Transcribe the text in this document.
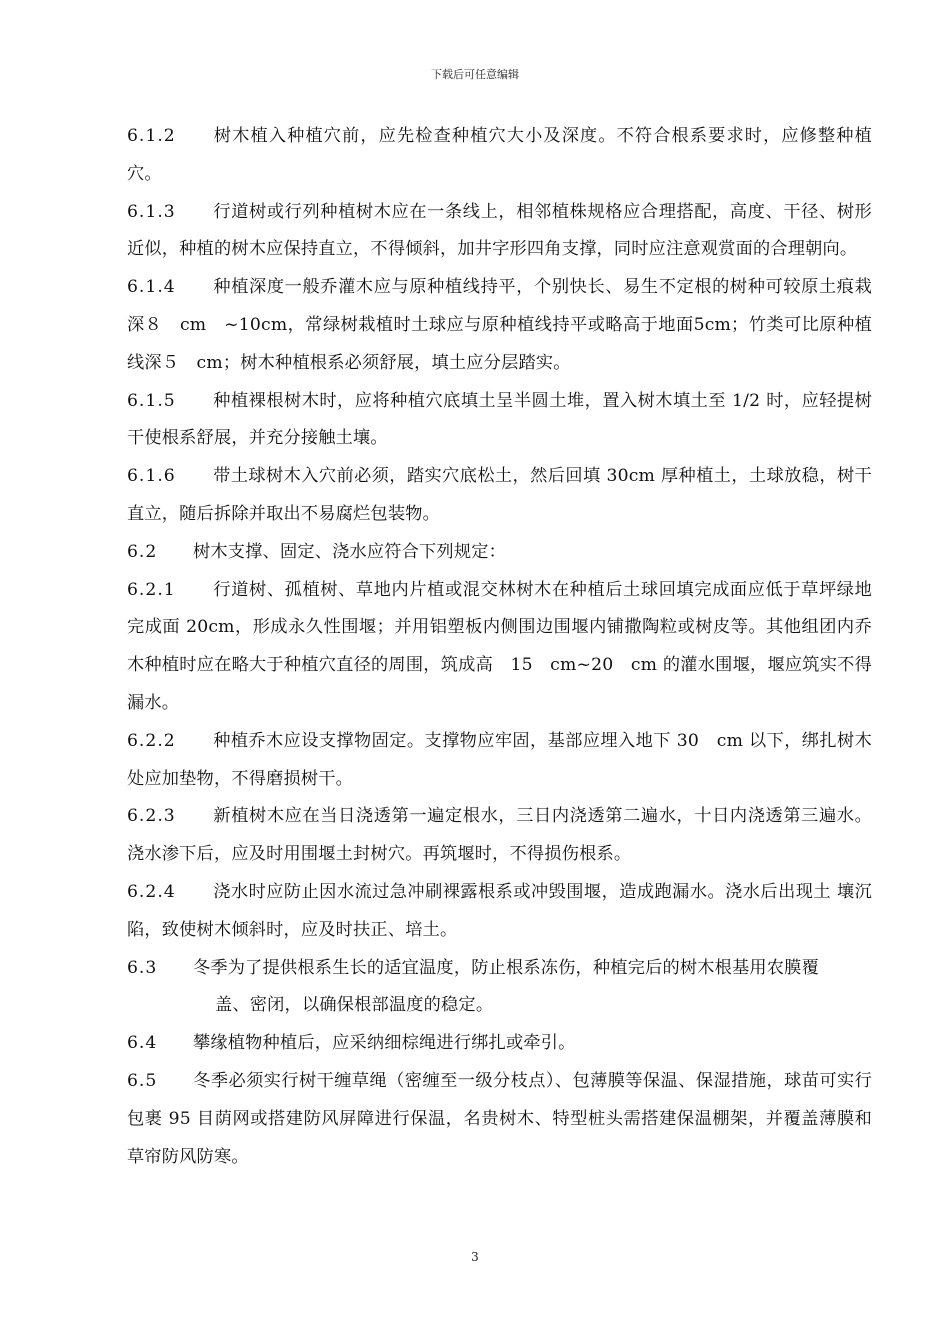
下载后可任意编辑

6.1.2 树木植入种植穴前，应先检查种植穴大小及深度。不符合根系要求时，应修整种植穴。

6.1.3 行道树或行列种植树木应在一条线上，相邻植株规格应合理搭配，高度、干径、树形近似，种植的树木应保持直立，不得倾斜，加井字形四角支撑，同时应注意观赏面的合理朝向。

6.1.4 种植深度一般乔灌木应与原种植线持平，个别快长、易生不定根的树种可较原土痕栽深８　cm　~10cm，常绿树栽植时土球应与原种植线持平或略高于地面5cm；竹类可比原种植线深５　cm；树木种植根系必须舒展，填土应分层踏实。

6.1.5 种植裸根树木时，应将种植穴底填土呈半圆土堆，置入树木填土至 1/2 时，应轻提树干使根系舒展，并充分接触土壤。

6.1.6 带土球树木入穴前必须，踏实穴底松土，然后回填 30cm 厚种植土，土球放稳，树干直立，随后拆除并取出不易腐烂包装物。

6.2 树木支撑、固定、浇水应符合下列规定：

6.2.1 行道树、孤植树、草地内片植或混交林树木在种植后土球回填完成面应低于草坪绿地完成面 20cm，形成永久性围堰；并用铝塑板内侧围边围堰内铺撒陶粒或树皮等。其他组团内乔木种植时应在略大于种植穴直径的周围，筑成高　15　cm~20　cm 的灌水围堰，堰应筑实不得漏水。

6.2.2 种植乔木应设支撑物固定。支撑物应牢固，基部应埋入地下 30　cm 以下，绑扎树木处应加垫物，不得磨损树干。

6.2.3 新植树木应在当日浇透第一遍定根水，三日内浇透第二遍水，十日内浇透第三遍水。浇水渗下后，应及时用围堰土封树穴。再筑堰时，不得损伤根系。

6.2.4 浇水时应防止因水流过急冲刷裸露根系或冲毁围堰，造成跑漏水。浇水后出现土 壤沉陷，致使树木倾斜时，应及时扶正、培土。

6.3 冬季为了提供根系生长的适宜温度，防止根系冻伤，种植完后的树木根基用农膜覆
盖、密闭，以确保根部温度的稳定。

6.4 攀缘植物种植后，应采纳细棕绳进行绑扎或牵引。

6.5 冬季必须实行树干缠草绳（密缠至一级分枝点）、包薄膜等保温、保湿措施，球苗可实行包裹 95 目荫网或搭建防风屏障进行保温，名贵树木、特型桩头需搭建保温棚架，并覆盖薄膜和草帘防风防寒。

3
